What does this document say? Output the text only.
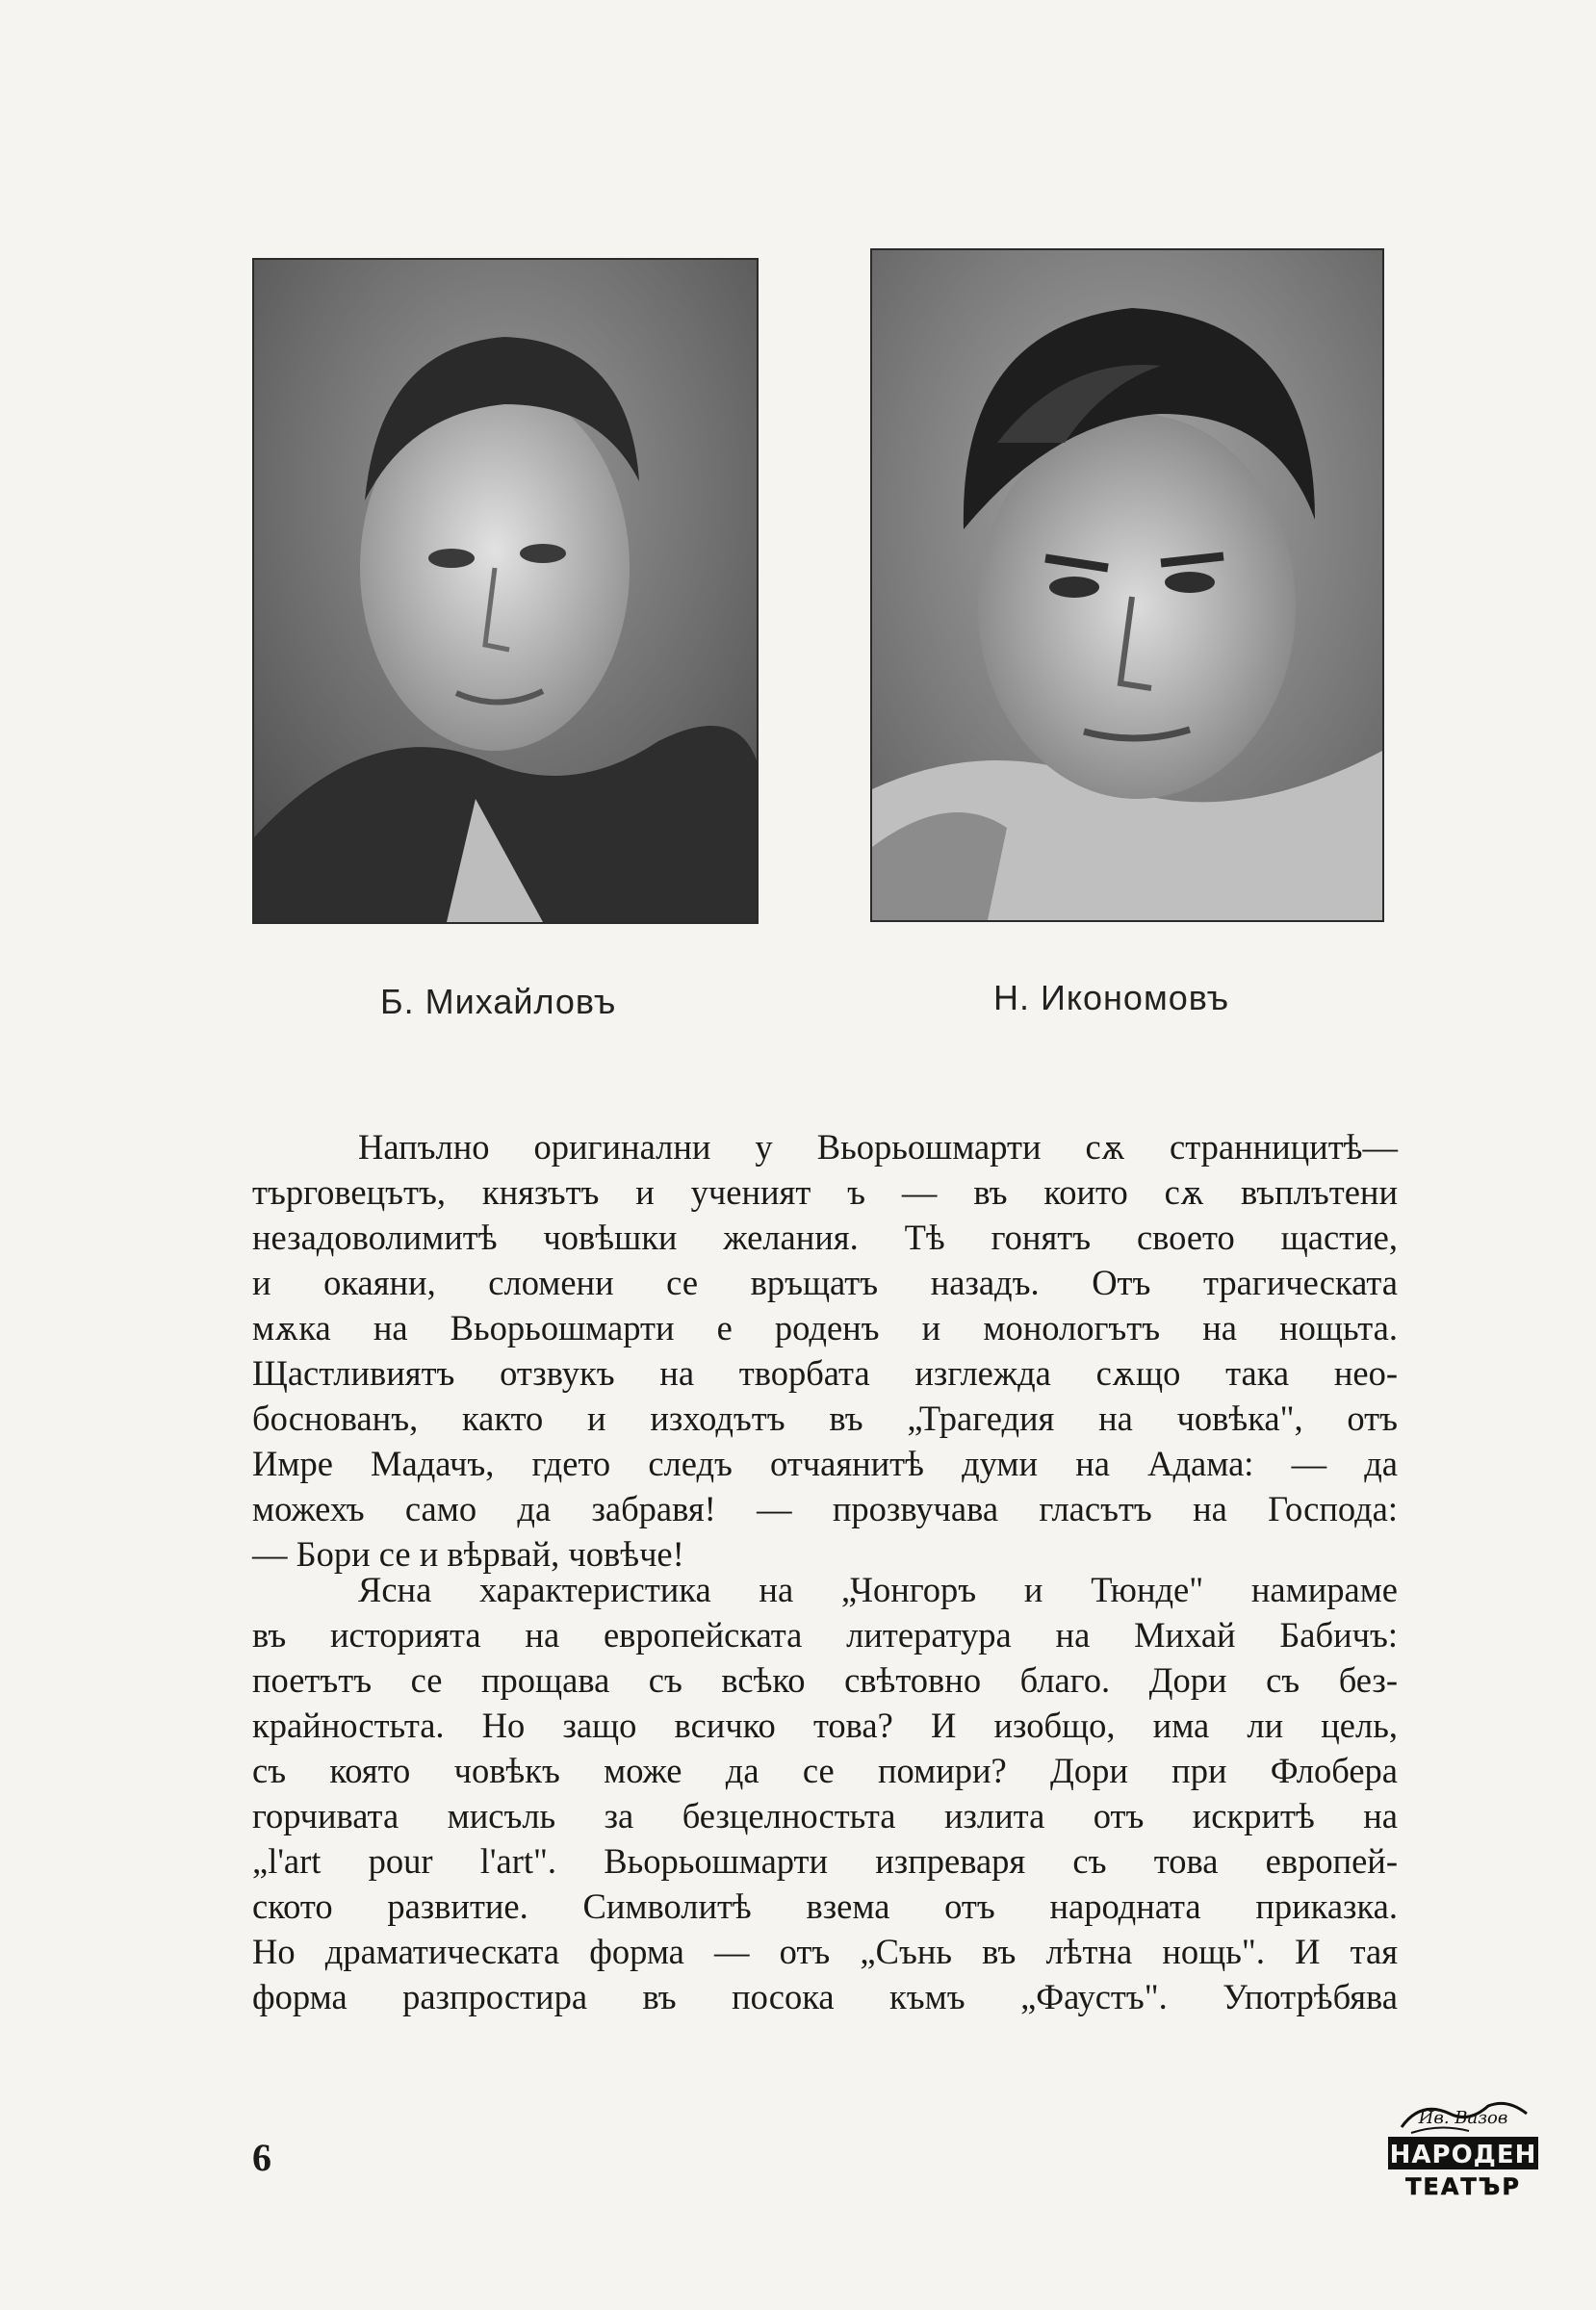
Б. Михайловъ	Н. Икономовъ
Напълно оригинални у Вьорьошмарти сѫ странницитѣ—
търговецътъ, князътъ и ученият ъ — въ които сѫ въплътени
незадоволимитѣ човѣшки желания. Тѣ гонятъ своето щастие,
и окаяни, сломени се връщатъ назадъ. Отъ трагическата
мѫка на Вьорьошмарти е роденъ и монологътъ на нощьта.
Щастливиятъ отзвукъ на творбата изглежда сѫщо така нео-
боснованъ, както и изходътъ въ „Трагедия на човѣка", отъ
Имре Мадачъ, гдето следъ отчаянитѣ думи на Адама: — да
можехъ само да забравя! — прозвучава гласътъ на Господа:
— Бори се и вѣрвай, човѣче!
Ясна характеристика на „Чонгоръ и Тюнде" намираме
въ историята на европейската литература на Михай Бабичъ:
поетътъ се прощава съ всѣко свѣтовно благо. Дори съ без-
крайностьта. Но защо всичко това? И изобщо, има ли цель,
съ която човѣкъ може да се помири? Дори при Флобера
горчивата мисъль за безцелностьта излита отъ искритѣ на
„l'art pour l'art". Вьорьошмарти изпреваря съ това европей-
ското развитие. Символитѣ взема отъ народната приказка.
Но драматическата форма — отъ „Сънь въ лѣтна нощь". И тая
форма разпростира въ посока къмъ „Фаустъ". Употрѣбява
6
Ив. Вазов
НАРОДЕН
ТЕАТЪР
